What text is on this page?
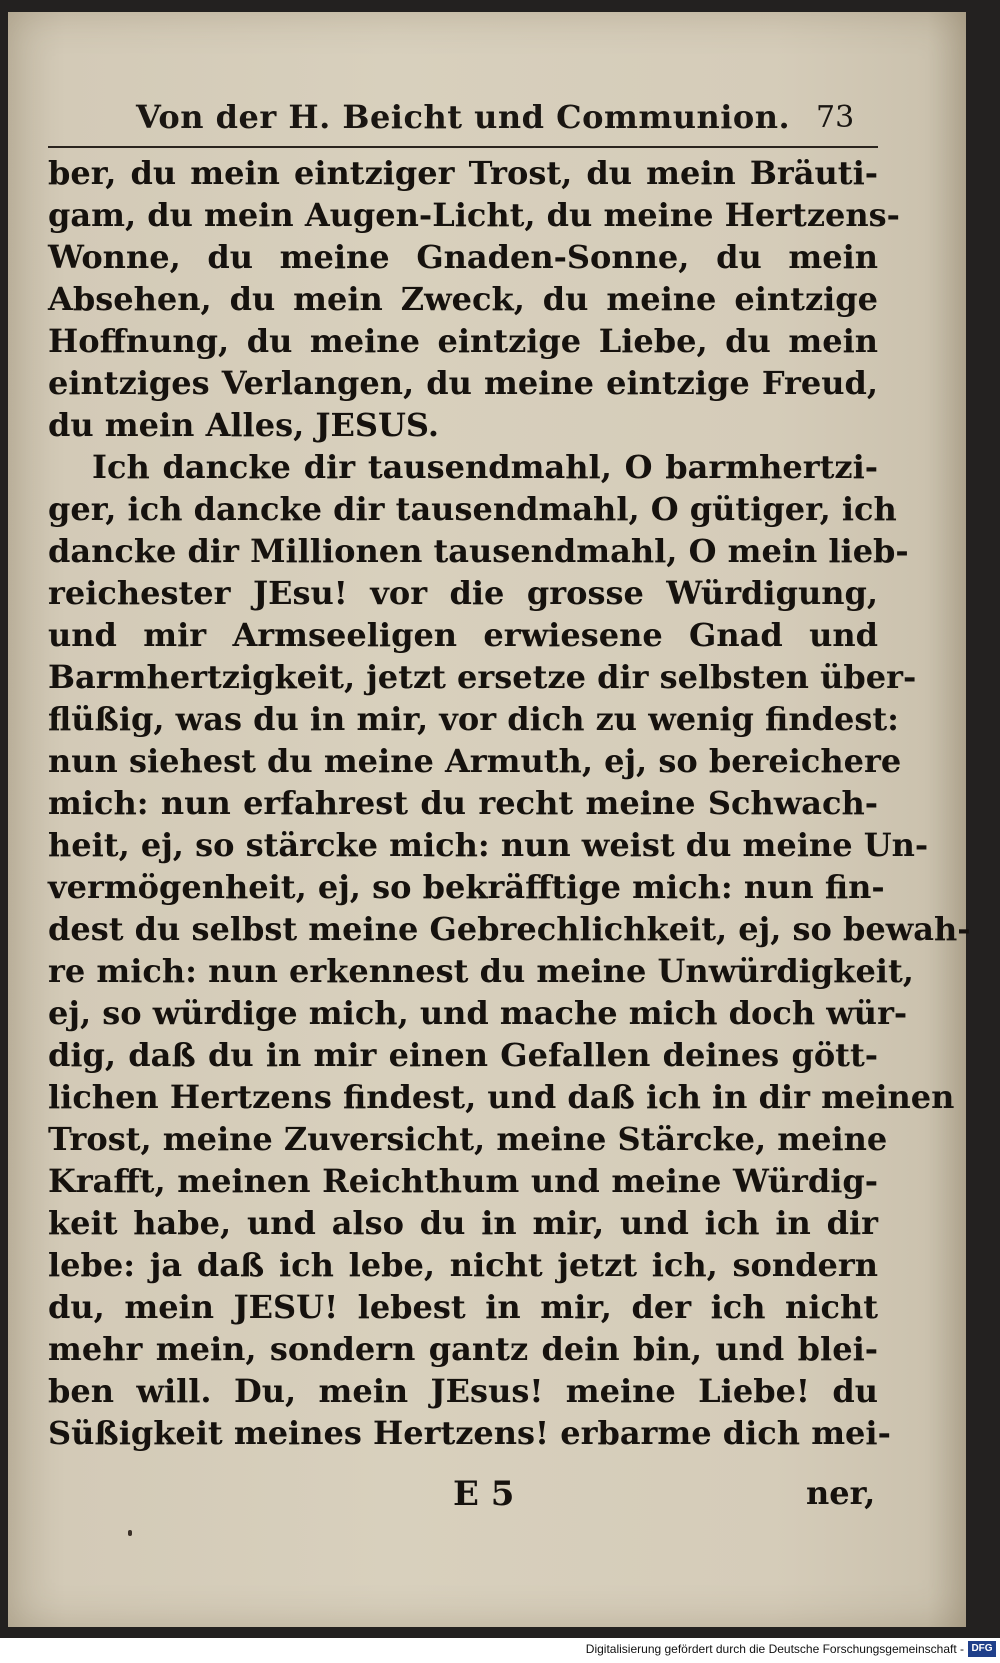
Von der H. Beicht und Communion. 73
ber, du mein eintziger Trost, du mein Bräuti-
gam, du mein Augen-Licht, du meine Hertzens-
Wonne, du meine Gnaden-Sonne, du mein
Absehen, du mein Zweck, du meine eintzige
Hoffnung, du meine eintzige Liebe, du mein
eintziges Verlangen, du meine eintzige Freud,
du mein Alles, JESUS.
Ich dancke dir tausendmahl, O barmhertzi-
ger, ich dancke dir tausendmahl, O gütiger, ich
dancke dir Millionen tausendmahl, O mein lieb-
reichester JEsu! vor die grosse Würdigung,
und mir Armseeligen erwiesene Gnad und
Barmhertzigkeit, jetzt ersetze dir selbsten über-
flüßig, was du in mir, vor dich zu wenig findest:
nun siehest du meine Armuth, ej, so bereichere
mich: nun erfahrest du recht meine Schwach-
heit, ej, so stärcke mich: nun weist du meine Un-
vermögenheit, ej, so bekräfftige mich: nun fin-
dest du selbst meine Gebrechlichkeit, ej, so bewah-
re mich: nun erkennest du meine Unwürdigkeit,
ej, so würdige mich, und mache mich doch wür-
dig, daß du in mir einen Gefallen deines gött-
lichen Hertzens findest, und daß ich in dir meinen
Trost, meine Zuversicht, meine Stärcke, meine
Krafft, meinen Reichthum und meine Würdig-
keit habe, und also du in mir, und ich in dir
lebe: ja daß ich lebe, nicht jetzt ich, sondern
du, mein JESU! lebest in mir, der ich nicht
mehr mein, sondern gantz dein bin, und blei-
ben will. Du, mein JEsus! meine Liebe! du
Süßigkeit meines Hertzens! erbarme dich mei-
E 5	ner,
Digitalisierung gefördert durch die Deutsche Forschungsgemeinschaft - DFG
